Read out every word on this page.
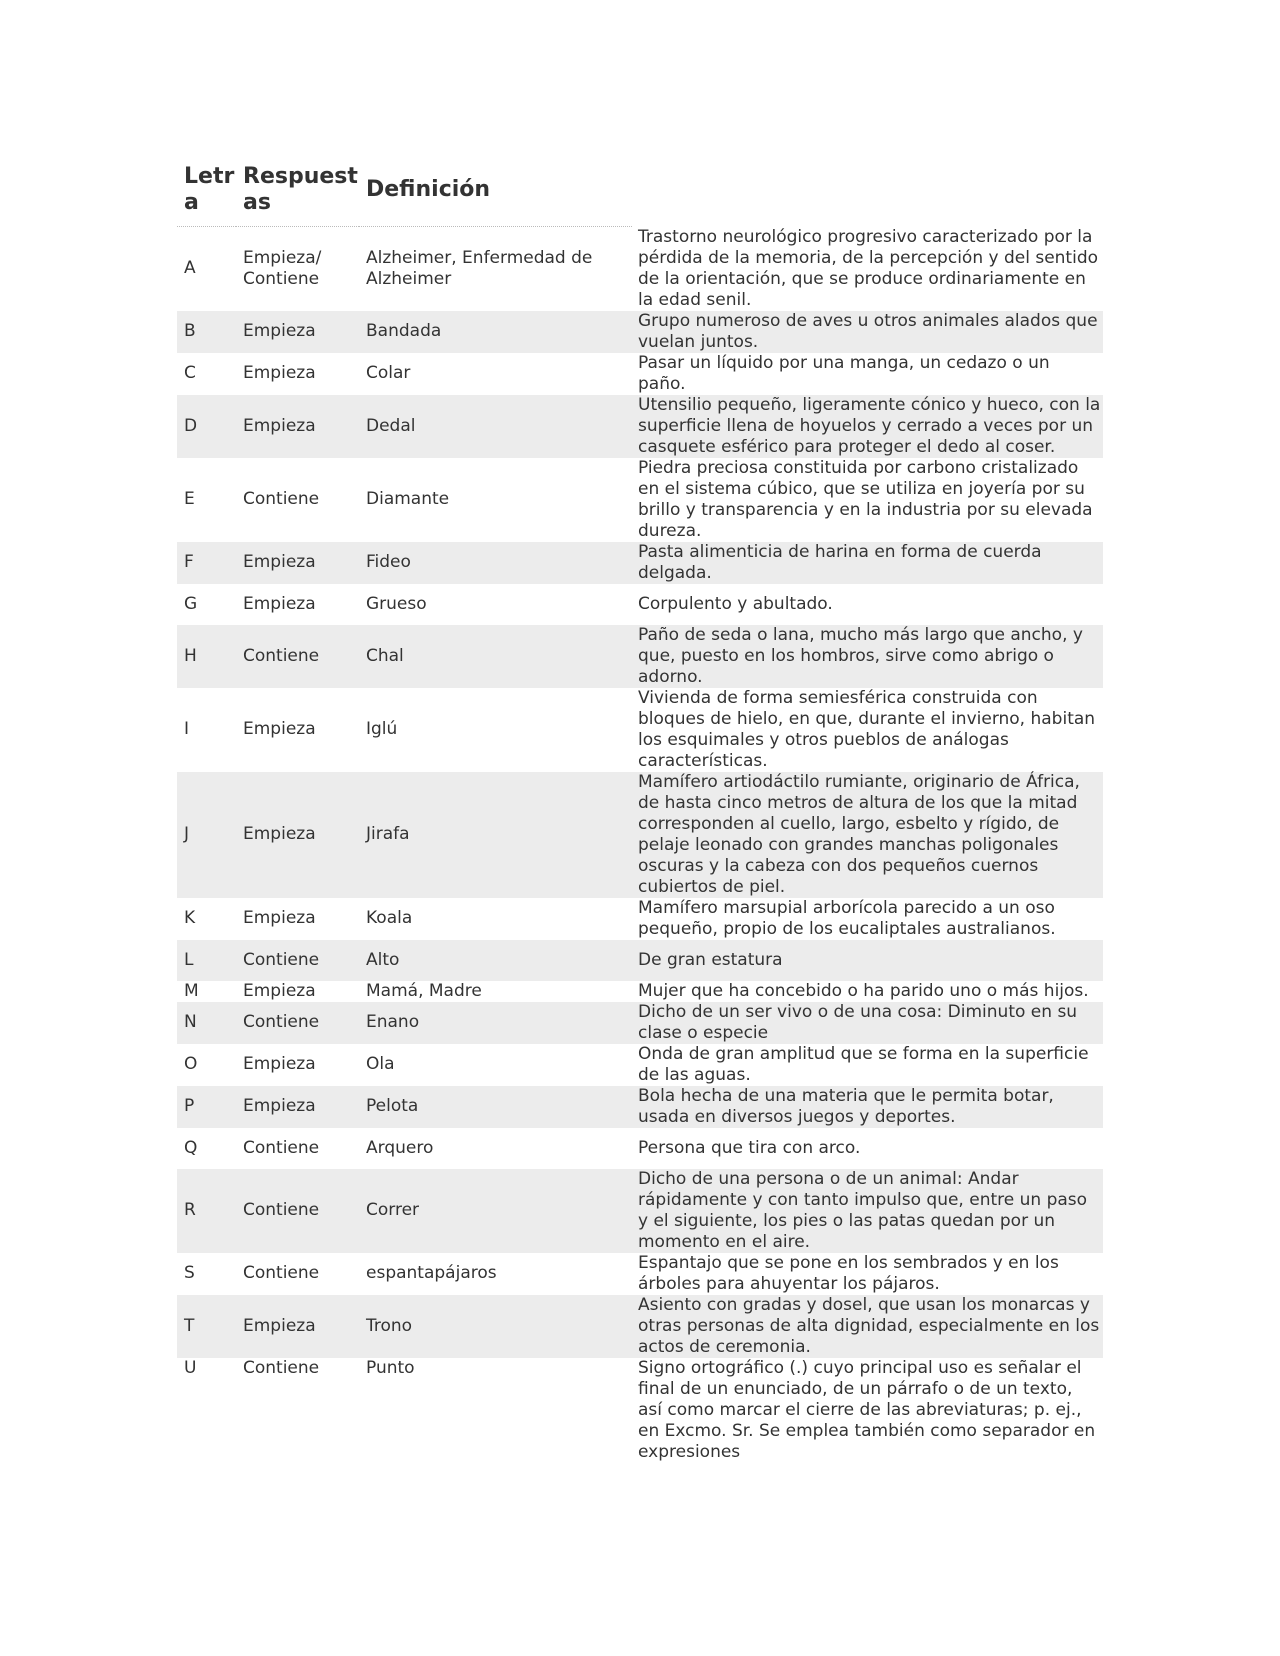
Letra	Respuestas	Definición	
A	Empieza/ Contiene	Alzheimer, Enfermedad de Alzheimer	Trastorno neurológico progresivo caracterizado por la pérdida de la memoria, de la percepción y del sentido de la orientación, que se produce ordinariamente en la edad senil.
B	Empieza	Bandada	Grupo numeroso de aves u otros animales alados que vuelan juntos.
C	Empieza	Colar	Pasar un líquido por una manga, un cedazo o un paño.
D	Empieza	Dedal	Utensilio pequeño, ligeramente cónico y hueco, con la superficie llena de hoyuelos y cerrado a veces por un casquete esférico para proteger el dedo al coser.
E	Contiene	Diamante	Piedra preciosa constituida por carbono cristalizado en el sistema cúbico, que se utiliza en joyería por su brillo y transparencia y en la industria por su elevada dureza.
F	Empieza	Fideo	Pasta alimenticia de harina en forma de cuerda delgada.
G	Empieza	Grueso	Corpulento y abultado.
H	Contiene	Chal	Paño de seda o lana, mucho más largo que ancho, y que, puesto en los hombros, sirve como abrigo o adorno.
I	Empieza	Iglú	Vivienda de forma semiesférica construida con bloques de hielo, en que, durante el invierno, habitan los esquimales y otros pueblos de análogas características.
J	Empieza	Jirafa	Mamífero artiodáctilo rumiante, originario de África, de hasta cinco metros de altura de los que la mitad corresponden al cuello, largo, esbelto y rígido, de pelaje leonado con grandes manchas poligonales oscuras y la cabeza con dos pequeños cuernos cubiertos de piel.
K	Empieza	Koala	Mamífero marsupial arborícola parecido a un oso pequeño, propio de los eucaliptales australianos.
L	Contiene	Alto	De gran estatura
M	Empieza	Mamá, Madre	Mujer que ha concebido o ha parido uno o más hijos.
N	Contiene	Enano	Dicho de un ser vivo o de una cosa: Diminuto en su clase o especie
O	Empieza	Ola	Onda de gran amplitud que se forma en la superficie de las aguas.
P	Empieza	Pelota	Bola hecha de una materia que le permita botar, usada en diversos juegos y deportes.
Q	Contiene	Arquero	Persona que tira con arco.
R	Contiene	Correr	Dicho de una persona o de un animal: Andar rápidamente y con tanto impulso que, entre un paso y el siguiente, los pies o las patas quedan por un momento en el aire.
S	Contiene	espantapájaros	Espantajo que se pone en los sembrados y en los árboles para ahuyentar los pájaros.
T	Empieza	Trono	Asiento con gradas y dosel, que usan los monarcas y otras personas de alta dignidad, especialmente en los actos de ceremonia.
U	Contiene	Punto	Signo ortográfico (.) cuyo principal uso es señalar el final de un enunciado, de un párrafo o de un texto, así como marcar el cierre de las abreviaturas; p. ej., en Excmo. Sr. Se emplea también como separador en expresiones
